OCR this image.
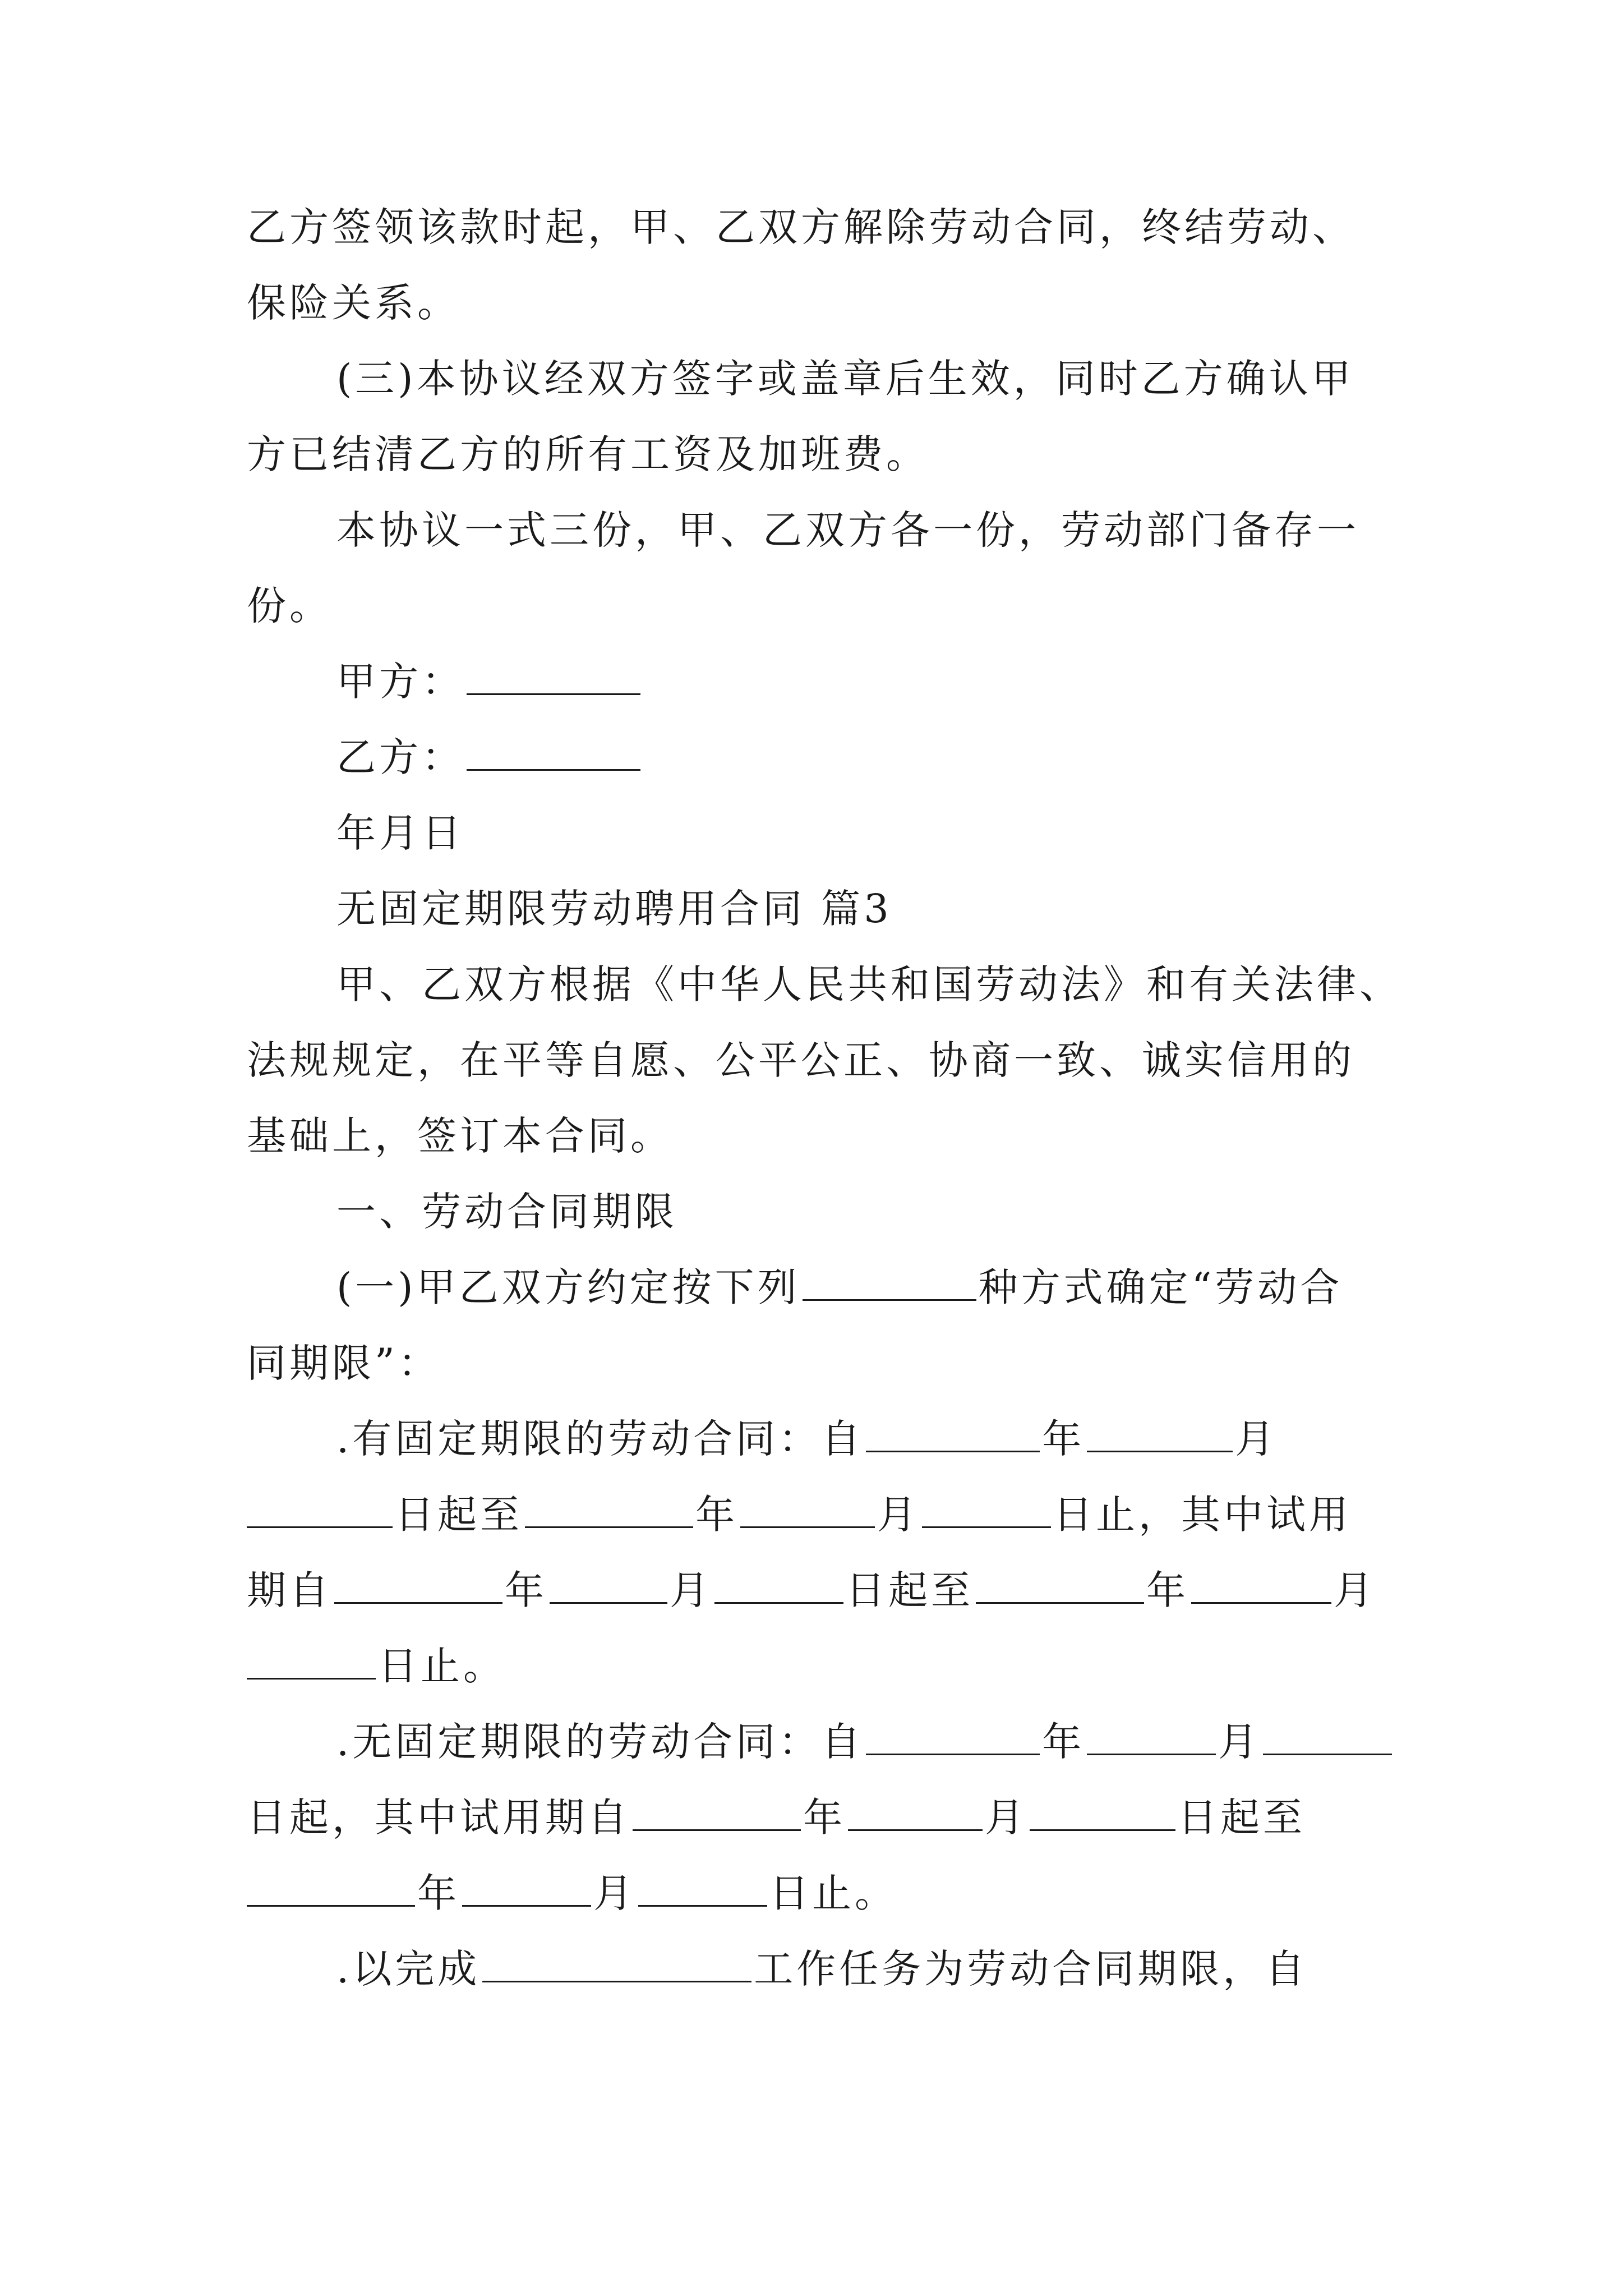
乙方签领该款时起，甲、乙双方解除劳动合同，终结劳动、
保险关系。
(三)本协议经双方签字或盖章后生效，同时乙方确认甲
方已结清乙方的所有工资及加班费。
本协议一式三份，甲、乙双方各一份，劳动部门备存一
份。
甲方：
乙方：
年月日
无固定期限劳动聘用合同 篇3
甲、乙双方根据《中华人民共和国劳动法》和有关法律、
法规规定，在平等自愿、公平公正、协商一致、诚实信用的
基础上，签订本合同。
一、劳动合同期限
(一)甲乙双方约定按下列	种方式确定“劳动合
同期限”：
.有固定期限的劳动合同：自	年	月
日起至	年	月	日止，其中试用
期自	年	月	日起至	年	月
日止。
.无固定期限的劳动合同：自	年	月
日起，其中试用期自	年	月	日起至
年	月	日止。
.以完成	工作任务为劳动合同期限，自
